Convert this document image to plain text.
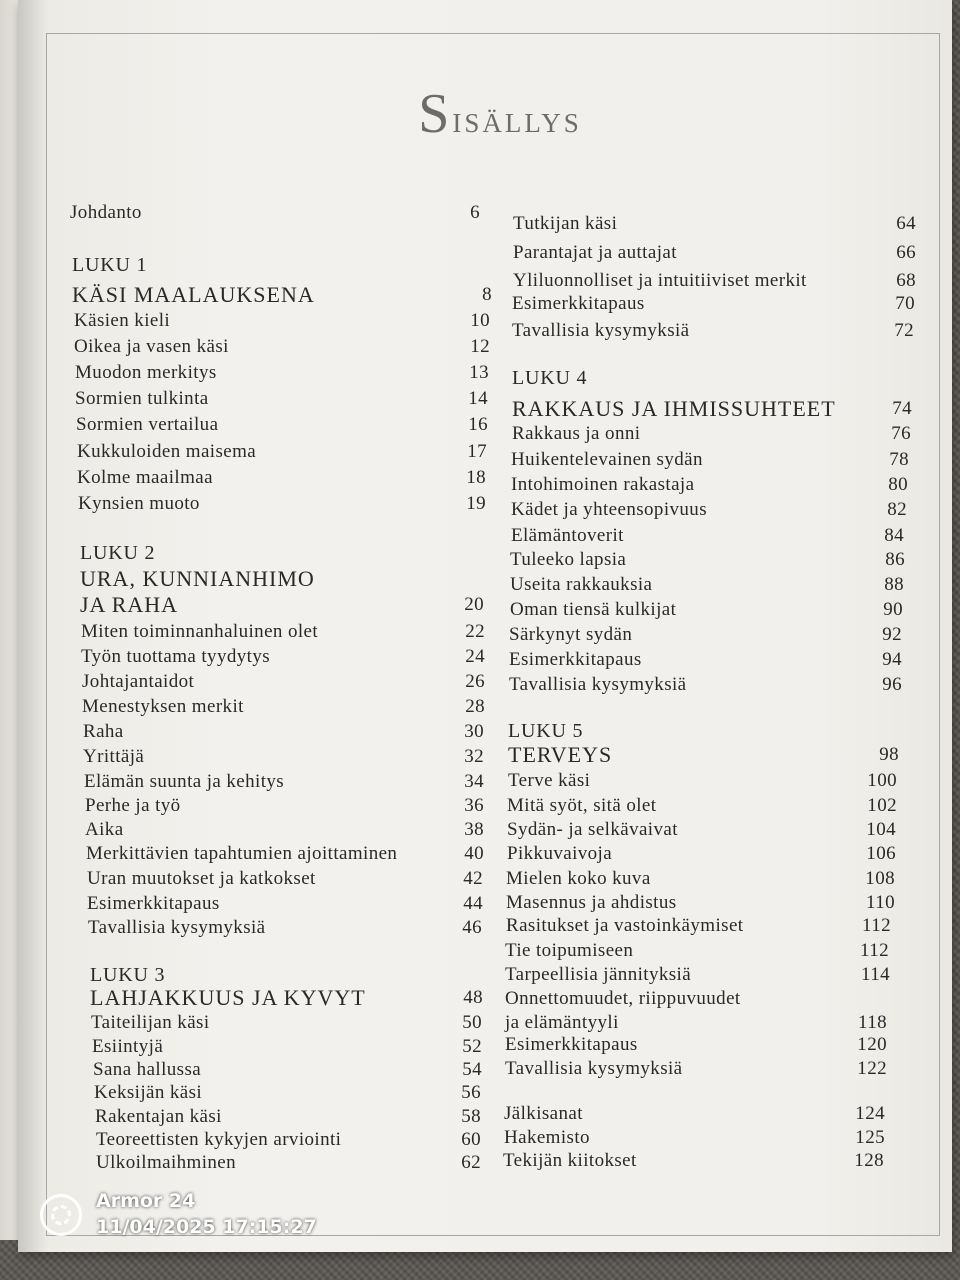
Sisällys
Johdanto	6
LUKU 1
KÄSI MAALAUKSENA	8
Käsien kieli	10
Oikea ja vasen käsi	12
Muodon merkitys	13
Sormien tulkinta	14
Sormien vertailua	16
Kukkuloiden maisema	17
Kolme maailmaa	18
Kynsien muoto	19
LUKU 2
URA, KUNNIANHIMO
JA RAHA	20
Miten toiminnanhaluinen olet	22
Työn tuottama tyydytys	24
Johtajantaidot	26
Menestyksen merkit	28
Raha	30
Yrittäjä	32
Elämän suunta ja kehitys	34
Perhe ja työ	36
Aika	38
Merkittävien tapahtumien ajoittaminen	40
Uran muutokset ja katkokset	42
Esimerkkitapaus	44
Tavallisia kysymyksiä	46
LUKU 3
LAHJAKKUUS JA KYVYT	48
Taiteilijan käsi	50
Esiintyjä	52
Sana hallussa	54
Keksijän käsi	56
Rakentajan käsi	58
Teoreettisten kykyjen arviointi	60
Ulkoilmaihminen	62
Tutkijan käsi	64
Parantajat ja auttajat	66
Yliluonnolliset ja intuitiiviset merkit	68
Esimerkkitapaus	70
Tavallisia kysymyksiä	72
LUKU 4
RAKKAUS JA IHMISSUHTEET	74
Rakkaus ja onni	76
Huikentelevainen sydän	78
Intohimoinen rakastaja	80
Kädet ja yhteensopivuus	82
Elämäntoverit	84
Tuleeko lapsia	86
Useita rakkauksia	88
Oman tiensä kulkijat	90
Särkynyt sydän	92
Esimerkkitapaus	94
Tavallisia kysymyksiä	96
LUKU 5
TERVEYS	98
Terve käsi	100
Mitä syöt, sitä olet	102
Sydän- ja selkävaivat	104
Pikkuvaivoja	106
Mielen koko kuva	108
Masennus ja ahdistus	110
Rasitukset ja vastoinkäymiset	112
Tie toipumiseen	112
Tarpeellisia jännityksiä	114
Onnettomuudet, riippuvuudet
ja elämäntyyli	118
Esimerkkitapaus	120
Tavallisia kysymyksiä	122
Jälkisanat	124
Hakemisto	125
Tekijän kiitokset	128
Armor 24
11/04/2025 17:15:27
